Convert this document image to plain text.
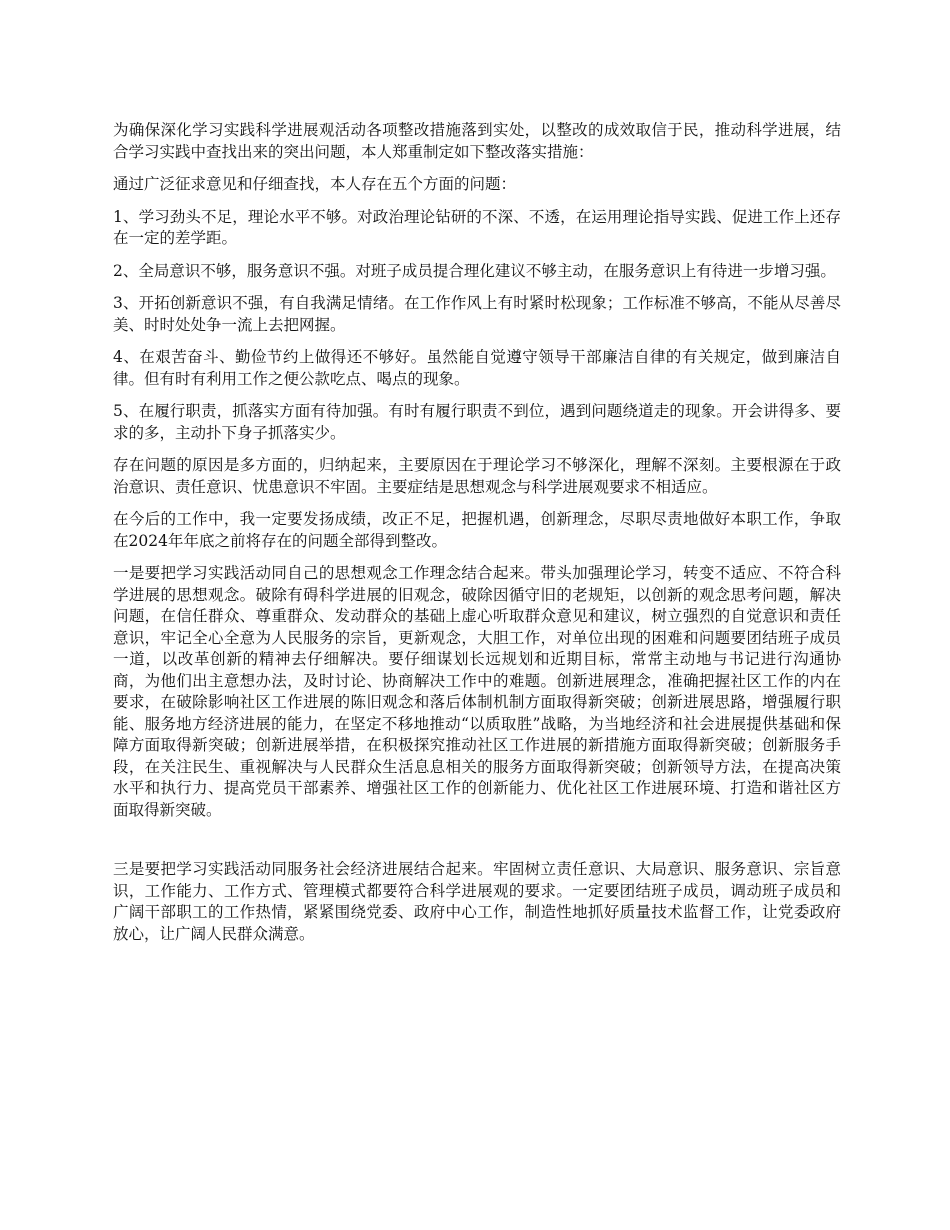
为确保深化学习实践科学进展观活动各项整改措施落到实处，以整改的成效取信于民，推动科学进展，结合学习实践中查找出来的突出问题，本人郑重制定如下整改落实措施：

通过广泛征求意见和仔细查找，本人存在五个方面的问题：

1、学习劲头不足，理论水平不够。对政治理论钻研的不深、不透，在运用理论指导实践、促进工作上还存在一定的差学距。

2、全局意识不够，服务意识不强。对班子成员提合理化建议不够主动，在服务意识上有待进一步增习强。

3、开拓创新意识不强，有自我满足情绪。在工作作风上有时紧时松现象；工作标准不够高，不能从尽善尽美、时时处处争一流上去把网握。

4、在艰苦奋斗、勤俭节约上做得还不够好。虽然能自觉遵守领导干部廉洁自律的有关规定，做到廉洁自律。但有时有利用工作之便公款吃点、喝点的现象。

5、在履行职责，抓落实方面有待加强。有时有履行职责不到位，遇到问题绕道走的现象。开会讲得多、要求的多，主动扑下身子抓落实少。

存在问题的原因是多方面的，归纳起来，主要原因在于理论学习不够深化，理解不深刻。主要根源在于政治意识、责任意识、忧患意识不牢固。主要症结是思想观念与科学进展观要求不相适应。

在今后的工作中，我一定要发扬成绩，改正不足，把握机遇，创新理念，尽职尽责地做好本职工作，争取在2024年年底之前将存在的问题全部得到整改。

一是要把学习实践活动同自己的思想观念工作理念结合起来。带头加强理论学习，转变不适应、不符合科学进展的思想观念。破除有碍科学进展的旧观念，破除因循守旧的老规矩，以创新的观念思考问题，解决问题，在信任群众、尊重群众、发动群众的基础上虚心听取群众意见和建议，树立强烈的自觉意识和责任意识，牢记全心全意为人民服务的宗旨，更新观念，大胆工作，对单位出现的困难和问题要团结班子成员一道，以改革创新的精神去仔细解决。要仔细谋划长远规划和近期目标，常常主动地与书记进行沟通协商，为他们出主意想办法，及时讨论、协商解决工作中的难题。创新进展理念，准确把握社区工作的内在要求，在破除影响社区工作进展的陈旧观念和落后体制机制方面取得新突破；创新进展思路，增强履行职能、服务地方经济进展的能力，在坚定不移地推动“以质取胜”战略，为当地经济和社会进展提供基础和保障方面取得新突破；创新进展举措，在积极探究推动社区工作进展的新措施方面取得新突破；创新服务手段，在关注民生、重视解决与人民群众生活息息相关的服务方面取得新突破；创新领导方法，在提高决策水平和执行力、提高党员干部素养、增强社区工作的创新能力、优化社区工作进展环境、打造和谐社区方面取得新突破。

三是要把学习实践活动同服务社会经济进展结合起来。牢固树立责任意识、大局意识、服务意识、宗旨意识，工作能力、工作方式、管理模式都要符合科学进展观的要求。一定要团结班子成员，调动班子成员和广阔干部职工的工作热情，紧紧围绕党委、政府中心工作，制造性地抓好质量技术监督工作，让党委政府放心，让广阔人民群众满意。
